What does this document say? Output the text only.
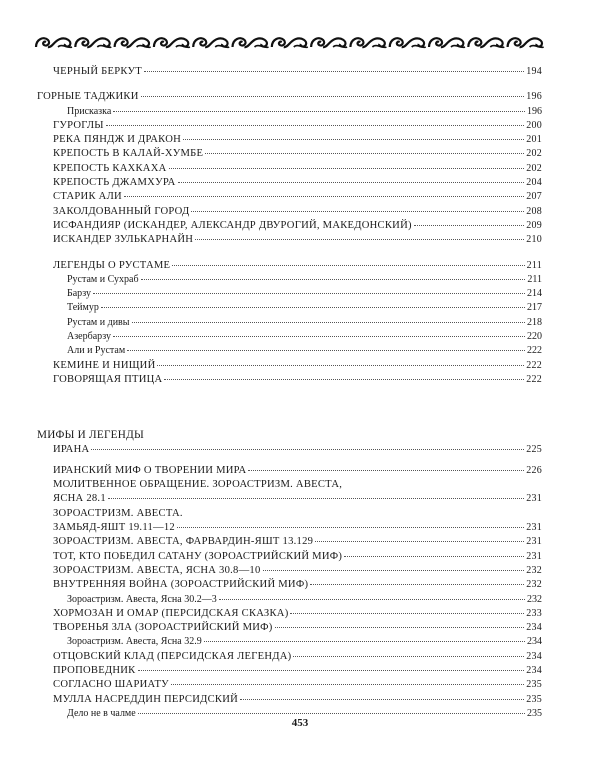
ЧЕРНЫЙ БЕРКУТ	194
ГОРНЫЕ ТАДЖИКИ	196
Присказка	196
ГУРОГЛЫ	200
РЕКА ПЯНДЖ И ДРАКОН	201
КРЕПОСТЬ В КАЛАЙ-ХУМБЕ	202
КРЕПОСТЬ КАХКАХА	202
КРЕПОСТЬ ДЖАМХУРА	204
СТАРИК АЛИ	207
ЗАКОЛДОВАННЫЙ ГОРОД	208
ИСФАНДИЯР (ИСКАНДЕР, АЛЕКСАНДР ДВУРОГИЙ, МАКЕДОНСКИЙ)	209
ИСКАНДЕР ЗУЛЬКАРНАЙН	210
ЛЕГЕНДЫ О РУСТАМЕ	211
Рустам и Сухраб	211
Барзу	214
Теймур	217
Рустам и дивы	218
Азербарзу	220
Али и Рустам	222
КЕМИНЕ И НИЩИЙ	222
ГОВОРЯЩАЯ ПТИЦА	222
МИФЫ И ЛЕГЕНДЫ
ИРАНА	225
ИРАНСКИЙ МИФ О ТВОРЕНИИ МИРА	226
МОЛИТВЕННОЕ ОБРАЩЕНИЕ. ЗОРОАСТРИЗМ. АВЕСТА,
ЯСНА 28.1	231
ЗОРОАСТРИЗМ. АВЕСТА.
ЗАМЬЯД-ЯШТ 19.11—12	231
ЗОРОАСТРИЗМ. АВЕСТА, ФАРВАРДИН-ЯШТ 13.129	231
ТОТ, КТО ПОБЕДИЛ САТАНУ (ЗОРОАСТРИЙСКИЙ МИФ)	231
ЗОРОАСТРИЗМ. АВЕСТА, ЯСНА 30.8—10	232
ВНУТРЕННЯЯ ВОЙНА (ЗОРОАСТРИЙСКИЙ МИФ)	232
Зороастризм. Авеста, Ясна 30.2—3	232
ХОРМОЗАН И ОМАР (ПЕРСИДСКАЯ СКАЗКА)	233
ТВОРЕНЬЯ ЗЛА (ЗОРОАСТРИЙСКИЙ МИФ)	234
Зороастризм. Авеста, Ясна 32.9	234
ОТЦОВСКИЙ КЛАД (ПЕРСИДСКАЯ ЛЕГЕНДА)	234
ПРОПОВЕДНИК	234
СОГЛАСНО ШАРИАТУ	235
МУЛЛА НАСРЕДДИН ПЕРСИДСКИЙ	235
Дело не в чалме	235
453
